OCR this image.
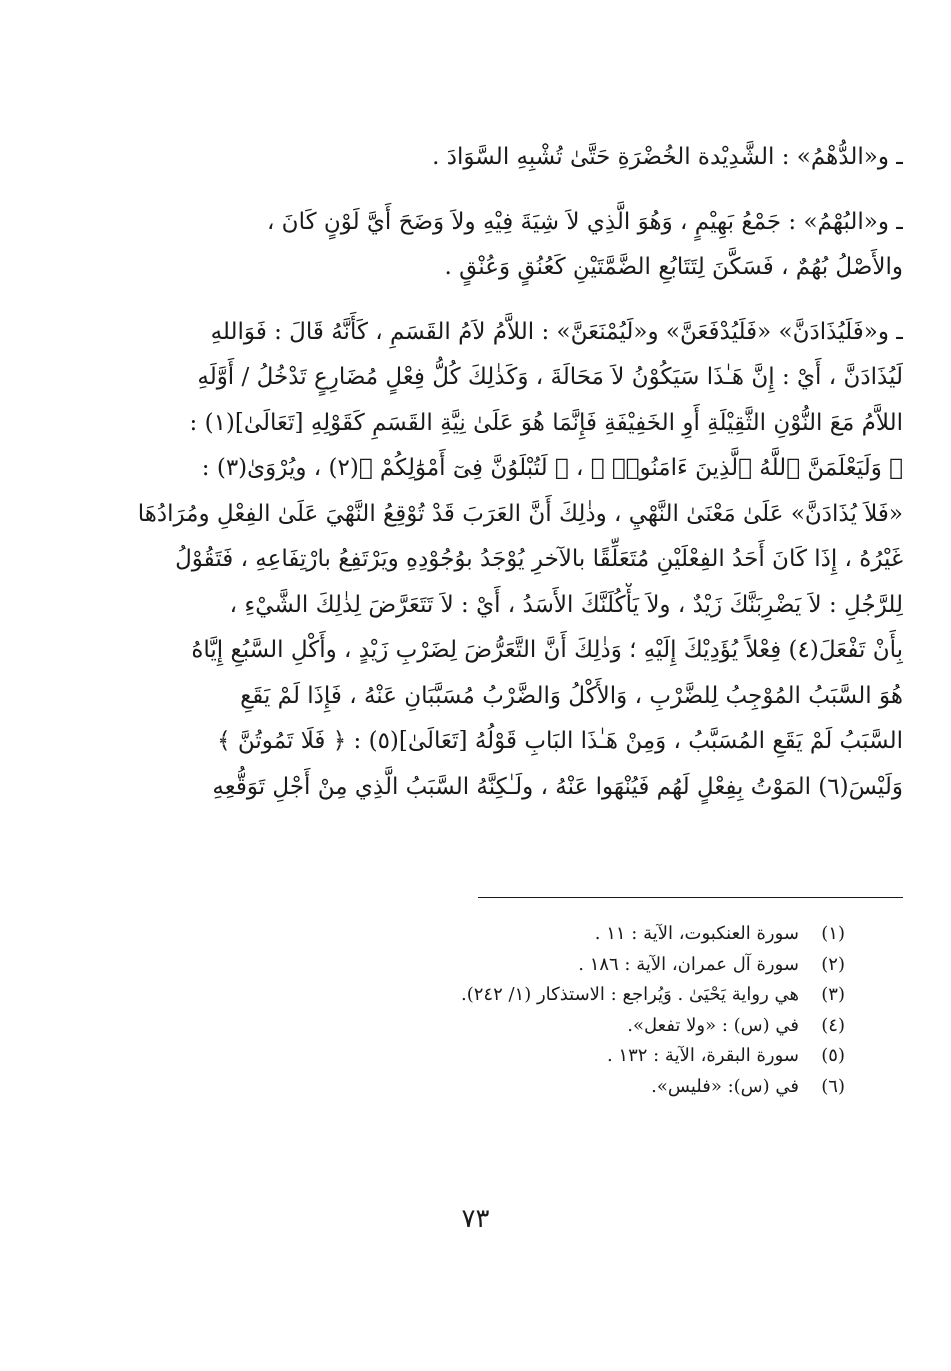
ـ و«الدُّهْمُ» : الشَّدِيْدة الخُضْرَةِ حَتَّىٰ تُشْبِهِ السَّوَادَ .

ـ و«البُهْمُ» : جَمْعُ بَهِيْمٍ ، وَهُوَ الَّذِي لاَ شِيَةَ فِيْهِ ولاَ وَضَحَ أَيَّ لَوْنٍ كَانَ ،
والأَصْلُ بُهُمٌ ، فَسَكَّنَ لِتَتَابُعِ الضَّمَّتَيْنِ كَعُنُقٍ وَعُنْقٍ .

ـ و«فَلَيُذَادَنَّ» «فَلَيُدْفَعَنَّ» و«لَيُمْنَعَنَّ» : اللاَّمُ لاَمُ القَسَمِ ، كَأَنَّهُ قَالَ : فَوَاللهِ
لَيُذَادَنَّ ، أَيْ : إِنَّ هَـٰذَا سَيَكُوْنُ لاَ مَحَالَةَ ، وَكَذٰلِكَ كُلُّ فِعْلٍ مُضَارِعٍ تَدْخُلُ / أَوَّلَهِ
اللاَّمُ مَعَ النُّوْنِ الثَّقِيْلَةِ أَوِ الخَفِيْفَةِ فَإِنَّمَا هُوَ عَلَىٰ نِيَّةِ القَسَمِ كَقَوْلِهِ [تَعَالَىٰ](١) :
﴿ وَلَيَعْلَمَنَّ ٱللَّهُ ٱلَّذِينَ ءَامَنُوا۟ ﴾ ، ﴿ لَتُبْلَوُنَّ فِىٓ أَمْوَٰلِكُمْ ﴾(٢) ، ويُرْوَىٰ(٣) :
«فَلاَ يُذَادَنَّ» عَلَىٰ مَعْنَىٰ النَّهْيِ ، وذٰلِكَ أَنَّ العَرَبَ قَدْ تُوْقِعُ النَّهْيَ عَلَىٰ الفِعْلِ ومُرَادُهَا
غَيْرُهُ ، إِذَا كَانَ أَحَدُ الفِعْلَيْنِ مُتَعَلِّقًا بالآخرِ يُوْجَدُ بوُجُوْدِهِ ويَرْتَفِعُ بارْتِفَاعِهِ ، فَتَقُوْلُ
لِلرَّجُلِ : لاَ يَضْرِبَنَّكَ زَيْدٌ ، ولاَ يَأْكُلَنَّكَ الأَسَدُ ، أَيْ : لاَ تَتَعَرَّضَ لِذٰلِكَ الشَّيْءِ ،
بِأَنْ تَفْعَلَ(٤) فِعْلاً يُؤَدِيْكَ إِلَيْهِ ؛ وَذٰلِكَ أَنَّ التَّعَرُّضَ لِضَرْبِ زَيْدٍ ، وأَكْلِ السَّبُعِ إِيَّاهُ
هُوَ السَّبَبُ المُوْجِبُ لِلضَّرْبِ ، وَالأَكْلُ وَالضَّرْبُ مُسَبَّبَانِ عَنْهُ ، فَإِذَا لَمْ يَقَعِ
السَّبَبُ لَمْ يَقَعِ المُسَبَّبُ ، وَمِنْ هَـٰذَا البَابِ قَوْلُهُ [تَعَالَىٰ](٥) : ﴿ فَلَا تَمُوتُنَّ ﴾
وَلَيْسَ(٦) المَوْتُ بِفِعْلٍ لَهُم فَيُنْهَوا عَنْهُ ، ولَـٰكِنَّهُ السَّبَبُ الَّذِي مِنْ أَجْلِ تَوَقُّعِهِ

(١)سورة العنكبوت، الآية : ١١ .
(٢)سورة آل عمران، الآية : ١٨٦ .
(٣)هي رواية يَحْيَىٰ . وَيُراجع : الاستذكار (١/ ٢٤٢).
(٤)في (س) : «ولا تفعل».
(٥)سورة البقرة، الآية : ١٣٢ .
(٦)في (س): «فليس».
٧٣
